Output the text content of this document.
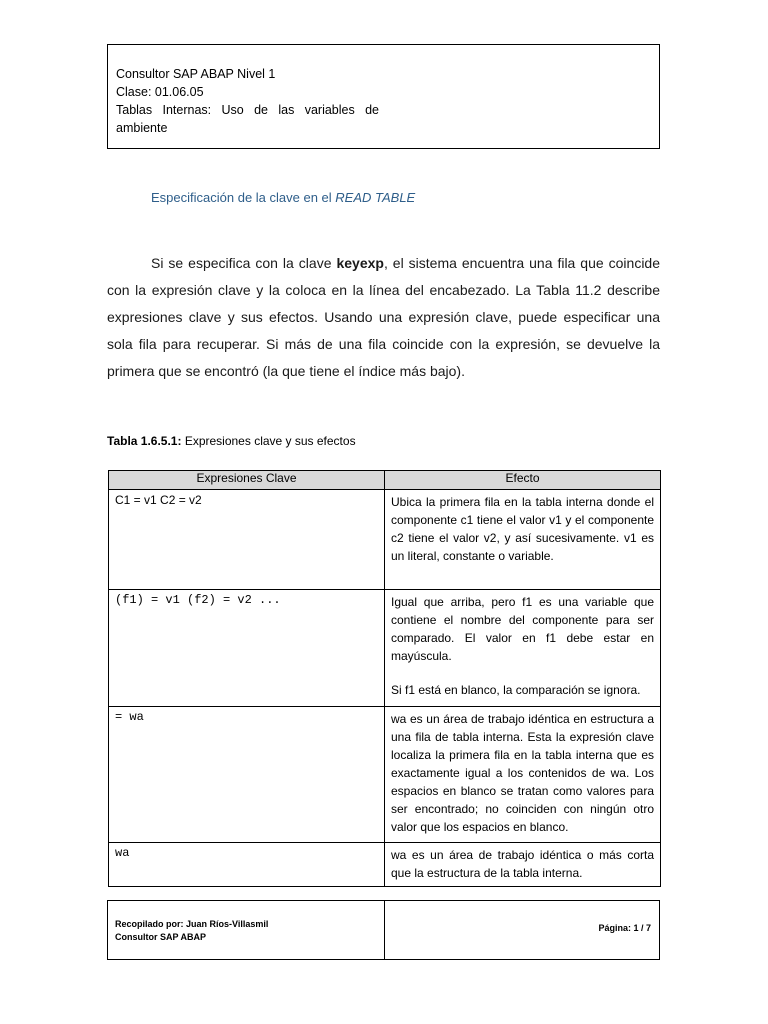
Consultor SAP ABAP Nivel 1
Clase: 01.06.05
Tablas Internas: Uso de las variables de
ambiente
Especificación de la clave en el READ TABLE
Si se especifica con la clave keyexp, el sistema encuentra una fila que coincide con la expresión clave y la coloca en la línea del encabezado. La Tabla 11.2 describe expresiones clave y sus efectos. Usando una expresión clave, puede especificar una sola fila para recuperar. Si más de una fila coincide con la expresión, se devuelve la primera que se encontró (la que tiene el índice más bajo).
Tabla 1.6.5.1: Expresiones clave y sus efectos
Expresiones Clave	Efecto
C1 = v1 C2 = v2	Ubica la primera fila en la tabla interna donde el componente c1 tiene el valor v1 y el componente c2 tiene el valor v2, y así sucesivamente. v1 es un literal, constante o variable.

(f1) = v1 (f2) = v2 ...	Igual que arriba, pero f1 es una variable que contiene el nombre del componente para ser comparado. El valor en f1 debe estar en mayúscula.
Si f1 está en blanco, la comparación se ignora.

= wa	wa es un área de trabajo idéntica en estructura a una fila de tabla interna. Esta la expresión clave localiza la primera fila en la tabla interna que es exactamente igual a los contenidos de wa. Los espacios en blanco se tratan como valores para ser encontrado; no coinciden con ningún otro valor que los espacios en blanco.

wa	wa es un área de trabajo idéntica o más corta que la estructura de la tabla interna.
Recopilado por: Juan Ríos-Villasmil
Consultor SAP ABAP
Página: 1 / 7
